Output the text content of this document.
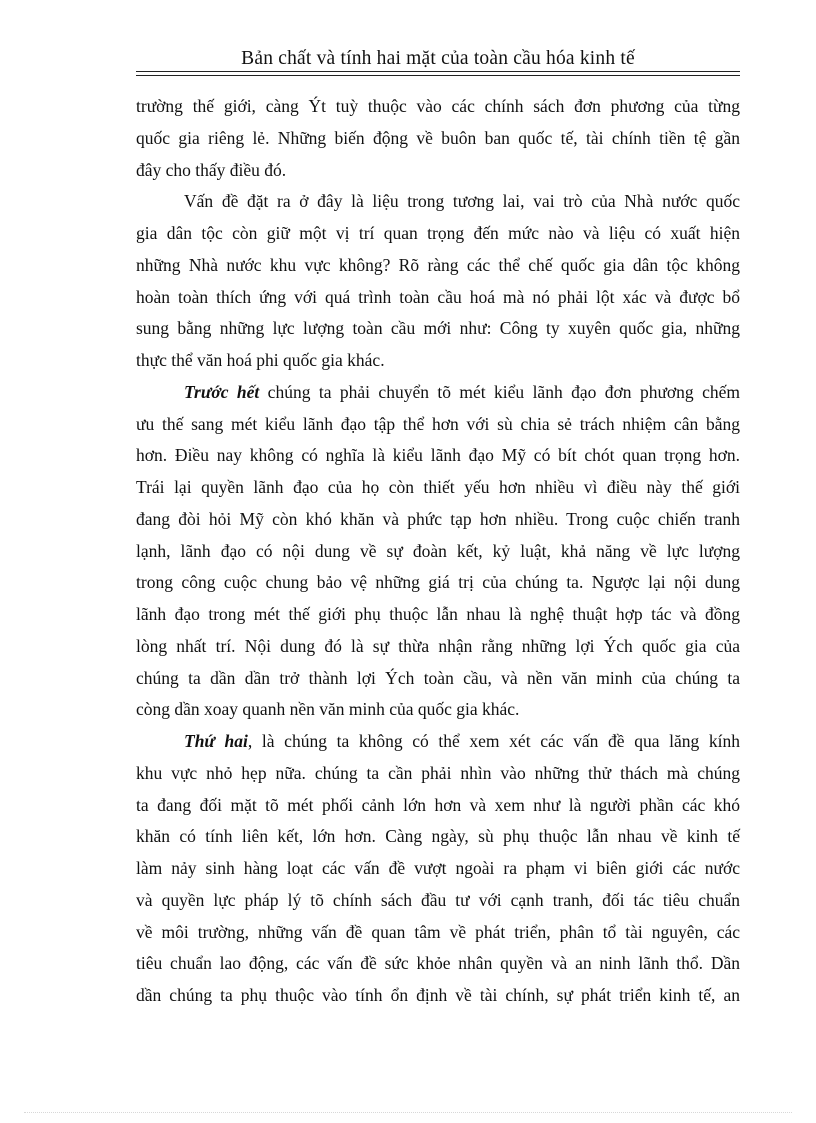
Bản chất và tính hai mặt của toàn cầu hóa kinh tế
trường thế giới, càng Ýt tuỳ thuộc vào các chính sách đơn phương của từng
quốc gia riêng lẻ. Những biến động về buôn ban quốc tế, tài chính tiền tệ gần
đây cho thấy điều đó.
Vấn đề đặt ra ở đây là liệu trong tương lai, vai trò của Nhà nước quốc
gia dân tộc còn giữ một vị trí quan trọng đến mức nào và liệu có xuất hiện
những Nhà nước khu vực không? Rõ ràng các thể chế quốc gia dân tộc không
hoàn toàn thích ứng với quá trình toàn cầu hoá mà nó phải lột xác và được bổ
sung bằng những lực lượng toàn cầu mới như: Công ty xuyên quốc gia, những
thực thể văn hoá phi quốc gia khác.
Trước hết chúng ta phải chuyển tõ mét kiểu lãnh đạo đơn phương chếm
ưu thế sang mét kiểu lãnh đạo tập thể hơn với sù chia sẻ trách nhiệm cân bằng
hơn. Điều nay không có nghĩa là kiểu lãnh đạo Mỹ có bít chót quan trọng hơn.
Trái lại quyền lãnh đạo của họ còn thiết yếu hơn nhiều vì điều này thế giới
đang đòi hỏi Mỹ còn khó khăn và phức tạp hơn nhiều. Trong cuộc chiến tranh
lạnh, lãnh đạo có nội dung về sự đoàn kết, kỷ luật, khả năng về lực lượng
trong công cuộc chung bảo vệ những giá trị của chúng ta. Ngược lại nội dung
lãnh đạo trong mét thế giới phụ thuộc lẫn nhau là nghệ thuật hợp tác và đồng
lòng nhất trí. Nội dung đó là sự thừa nhận rằng những lợi Ých quốc gia của
chúng ta dần dần trở thành lợi Ých toàn cầu, và nền văn minh của chúng ta
còng dần xoay quanh nền văn minh của quốc gia khác.
Thứ hai, là chúng ta không có thể xem xét các vấn đề qua lăng kính
khu vực nhỏ hẹp nữa. chúng ta cần phải nhìn vào những thử thách mà chúng
ta đang đối mặt tõ mét phối cảnh lớn hơn và xem như là người phần các khó
khăn có tính liên kết, lớn hơn. Càng ngày, sù phụ thuộc lẫn nhau về kinh tế
làm nảy sinh hàng loạt các vấn đề vượt ngoài ra phạm vi biên giới các nước
và quyền lực pháp lý tõ chính sách đầu tư với cạnh tranh, đối tác tiêu chuẩn
về môi trường, những vấn đề quan tâm về phát triển, phân tổ tài nguyên, các
tiêu chuẩn lao động, các vấn đề sức khỏe nhân quyền và an ninh lãnh thổ. Dần
dần chúng ta phụ thuộc vào tính ổn định về tài chính, sự phát triển kinh tế, an
